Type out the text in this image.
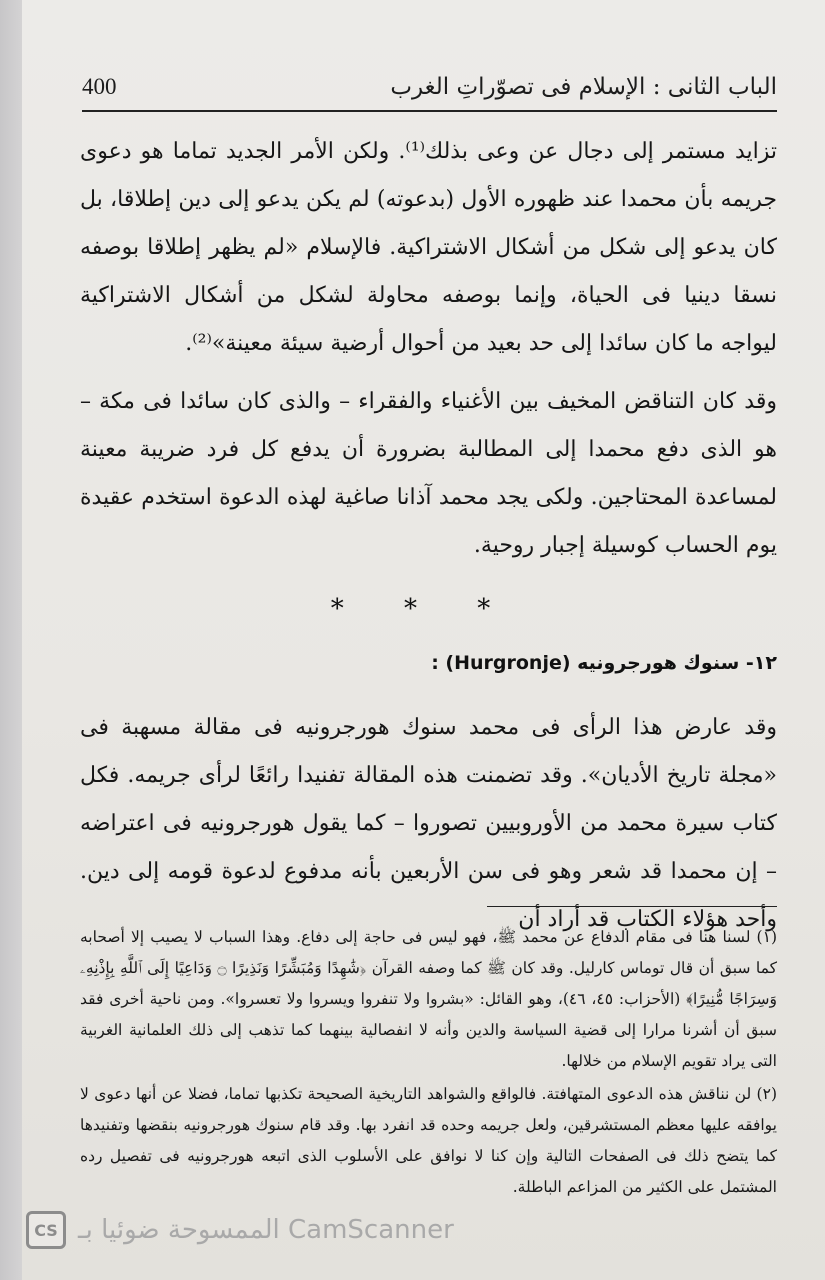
الباب الثانى : الإسلام فى تصوّراتِ الغرب
400

تزايد مستمر إلى دجال عن وعى بذلك⁽¹⁾. ولكن الأمر الجديد تماما هو دعوى جريمه بأن محمدا عند ظهوره الأول (بدعوته) لم يكن يدعو إلى دين إطلاقا، بل كان يدعو إلى شكل من أشكال الاشتراكية. فالإسلام «لم يظهر إطلاقا بوصفه نسقا دينيا فى الحياة، وإنما بوصفه محاولة لشكل من أشكال الاشتراكية ليواجه ما كان سائدا إلى حد بعيد من أحوال أرضية سيئة معينة»⁽²⁾.

وقد كان التناقض المخيف بين الأغنياء والفقراء – والذى كان سائدا فى مكة – هو الذى دفع محمدا إلى المطالبة بضرورة أن يدفع كل فرد ضريبة معينة لمساعدة المحتاجين. ولكى يجد محمد آذانا صاغية لهذه الدعوة استخدم عقيدة يوم الحساب كوسيلة إجبار روحية.

* * *
١٢- سنوك هورجرونيه (Hurgronje) :

وقد عارض هذا الرأى فى محمد سنوك هورجرونيه فى مقالة مسهبة فى «مجلة تاريخ الأديان». وقد تضمنت هذه المقالة تفنيدا رائعًا لرأى جريمه. فكل كتاب سيرة محمد من الأوروبيين تصوروا – كما يقول هورجرونيه فى اعتراضه – إن محمدا قد شعر وهو فى سن الأربعين بأنه مدفوع لدعوة قومه إلى دين. وأحد هؤلاء الكتاب قد أراد أن

(١) لسنا هنا فى مقام الدفاع عن محمد ﷺ، فهو ليس فى حاجة إلى دفاع. وهذا السباب لا يصيب إلا أصحابه كما سبق أن قال توماس كارليل. وقد كان ﷺ كما وصفه القرآن ﴿شَٰهِدًا وَمُبَشِّرًا وَنَذِيرًا ۝ وَدَاعِيًا إِلَى ٱللَّهِ بِإِذْنِهِۦ وَسِرَاجًا مُّنِيرًا﴾ (الأحزاب: ٤٥، ٤٦)، وهو القائل: «بشروا ولا تنفروا ويسروا ولا تعسروا». ومن ناحية أخرى فقد سبق أن أشرنا مرارا إلى قضية السياسة والدين وأنه لا انفصالية بينهما كما تذهب إلى ذلك العلمانية الغربية التى يراد تقويم الإسلام من خلالها.

(٢) لن نناقش هذه الدعوى المتهافتة. فالواقع والشواهد التاريخية الصحيحة تكذبها تماما، فضلا عن أنها دعوى لا يوافقه عليها معظم المستشرقين، ولعل جريمه وحده قد انفرد بها. وقد قام سنوك هورجرونيه بنقضها وتفنيدها كما يتضح ذلك فى الصفحات التالية وإن كنا لا نوافق على الأسلوب الذى اتبعه هورجرونيه فى تفصيل رده المشتمل على الكثير من المزاعم الباطلة.

CS الممسوحة ضوئيا بـ CamScanner
